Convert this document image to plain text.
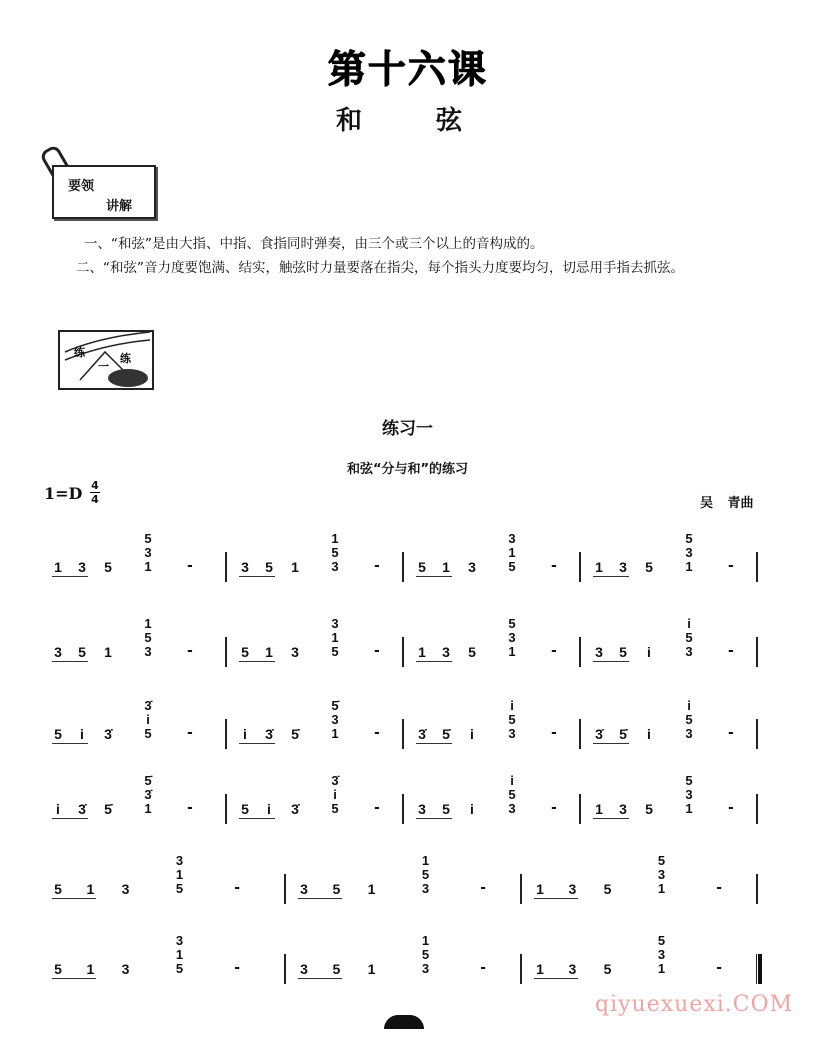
第十六课
和	弦
要领
讲解
一、“和弦”是由大指、中指、食指同时弹奏，由三个或三个以上的音构成的。
二、“和弦”音力度要饱满、结实，触弦时力量要落在指尖，每个指头力度要均匀，切忌用手指去抓弦。
练
一
练
练习一
和弦“分与和”的练习
1=D 4
4	吴 青曲
1 3 5
5
3
1	-	3 5 1
1
5
3	-	5 1 3
3
1
5	-	1 3 5
5
3
1	-
3 5 1
1
5
3	-	5 1 3
3
1
5	-	1 3 5
5
3
1	-	3 5 i
i
5
3	-
5 i 3̇
3̇
i
5	-	i 3̇ 5̇
5̇
3
1	-	3̇ 5̇ i
i
5
3	-	3̇ 5̇ i
i
5
3	-
i 3̇ 5̇
5̇
3̇
1	-	5 i 3̇
3̇
i
5	-	3 5 i
i
5
3	-	1 3 5
5
3
1	-
5 1 3
3
1
5	-	3 5 1
1
5
3	-	1 3 5
5
3
1	-
5 1 3
3
1
5	-	3 5 1
1
5
3	-	1 3 5
5
3
1	-
qiyuexuexi.COM
